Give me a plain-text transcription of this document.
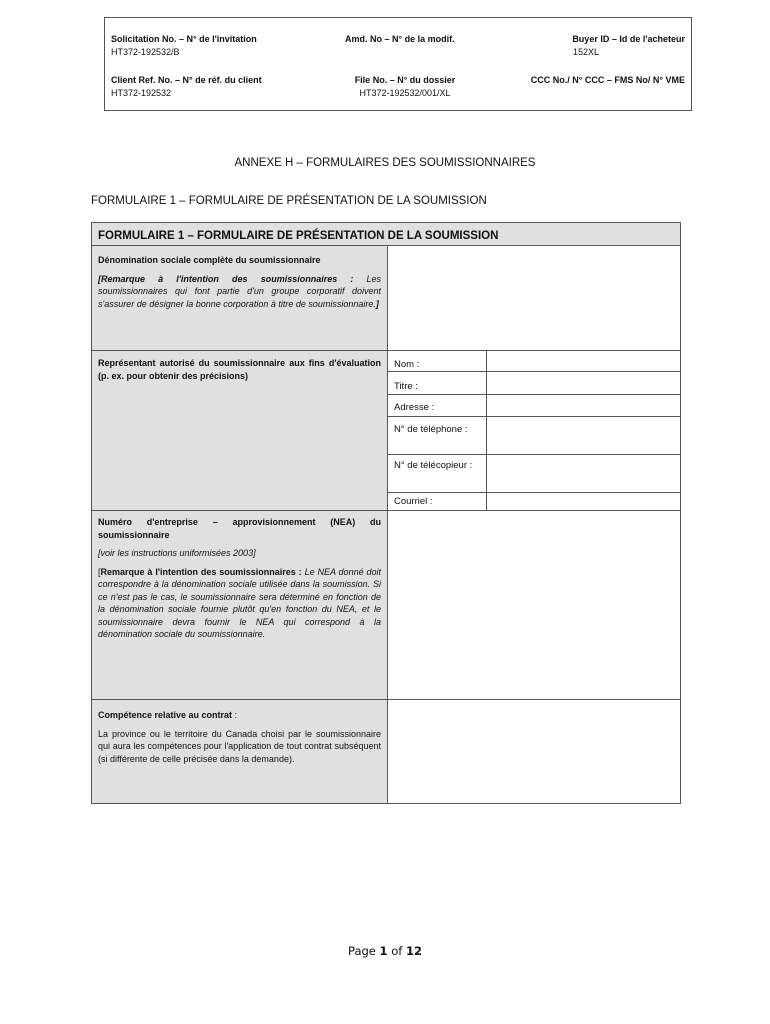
Solicitation No. – N° de l'invitation
HT372-192532/B
Amd. No – N° de la modif.	Buyer ID – Id de l'acheteur
152XL
Client Ref. No. – N° de réf. du client
HT372-192532
File No. – N° du dossier
HT372-192532/001/XL
CCC No./ N° CCC – FMS No/ N° VME
ANNEXE H – FORMULAIRES DES SOUMISSIONNAIRES
FORMULAIRE 1 – FORMULAIRE DE PRÉSENTATION DE LA SOUMISSION
FORMULAIRE 1 – FORMULAIRE DE PRÉSENTATION DE LA SOUMISSION

Dénomination sociale complète du soumissionnaire

[Remarque à l'intention des soumissionnaires : Les soumissionnaires qui font partie d'un groupe corporatif doivent s'assurer de désigner la bonne corporation à titre de soumissionnaire.]

Représentant autorisé du soumissionnaire aux fins d'évaluation (p. ex. pour obtenir des précisions)

Nom :
Titre :
Adresse :
N° de téléphone :
N° de télécopieur :
Courriel :

Numéro d'entreprise – approvisionnement (NEA) du soumissionnaire

[voir les instructions uniformisées 2003]

[Remarque à l'intention des soumissionnaires : Le NEA donné doit correspondre à la dénomination sociale utilisée dans la soumission. Si ce n'est pas le cas, le soumissionnaire sera déterminé en fonction de la dénomination sociale fournie plutôt qu'en fonction du NEA, et le soumissionnaire devra fournir le NEA qui correspond à la dénomination sociale du soumissionnaire.

Compétence relative au contrat :

La province ou le territoire du Canada choisi par le soumissionnaire qui aura les compétences pour l'application de tout contrat subséquent (si différente de celle précisée dans la demande).

Page 1 of 12
